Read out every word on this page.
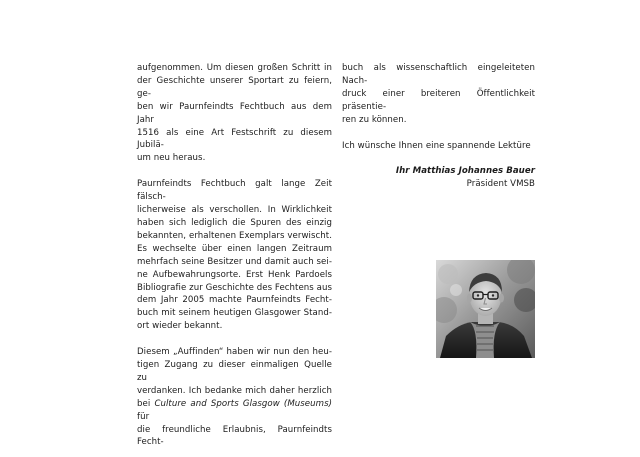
aufgenommen. Um diesen großen Schritt in
der Geschichte unserer Sportart zu feiern, ge-
ben wir Paurnfeindts Fechtbuch aus dem Jahr
1516 als eine Art Festschrift zu diesem Jubilä-
um neu heraus.
Paurnfeindts Fechtbuch galt lange Zeit fälsch-
licherweise als verschollen. In Wirklichkeit
haben sich lediglich die Spuren des einzig
bekannten, erhaltenen Exemplars verwischt.
Es wechselte über einen langen Zeitraum
mehrfach seine Besitzer und damit auch sei-
ne Aufbewahrungsorte. Erst Henk Pardoels
Bibliografie zur Geschichte des Fechtens aus
dem Jahr 2005 machte Paurnfeindts Fecht-
buch mit seinem heutigen Glasgower Stand-
ort wieder bekannt.
Diesem „Auffinden“ haben wir nun den heu-
tigen Zugang zu dieser einmaligen Quelle zu
verdanken. Ich bedanke mich daher herzlich
bei Culture and Sports Glasgow (Museums) für
die freundliche Erlaubnis, Paurnfeindts Fecht-
buch als wissenschaftlich eingeleiteten Nach-
druck einer breiteren Öffentlichkeit präsentie-
ren zu können.
Ich wünsche Ihnen eine spannende Lektüre
Ihr Matthias Johannes Bauer
Präsident VMSB
